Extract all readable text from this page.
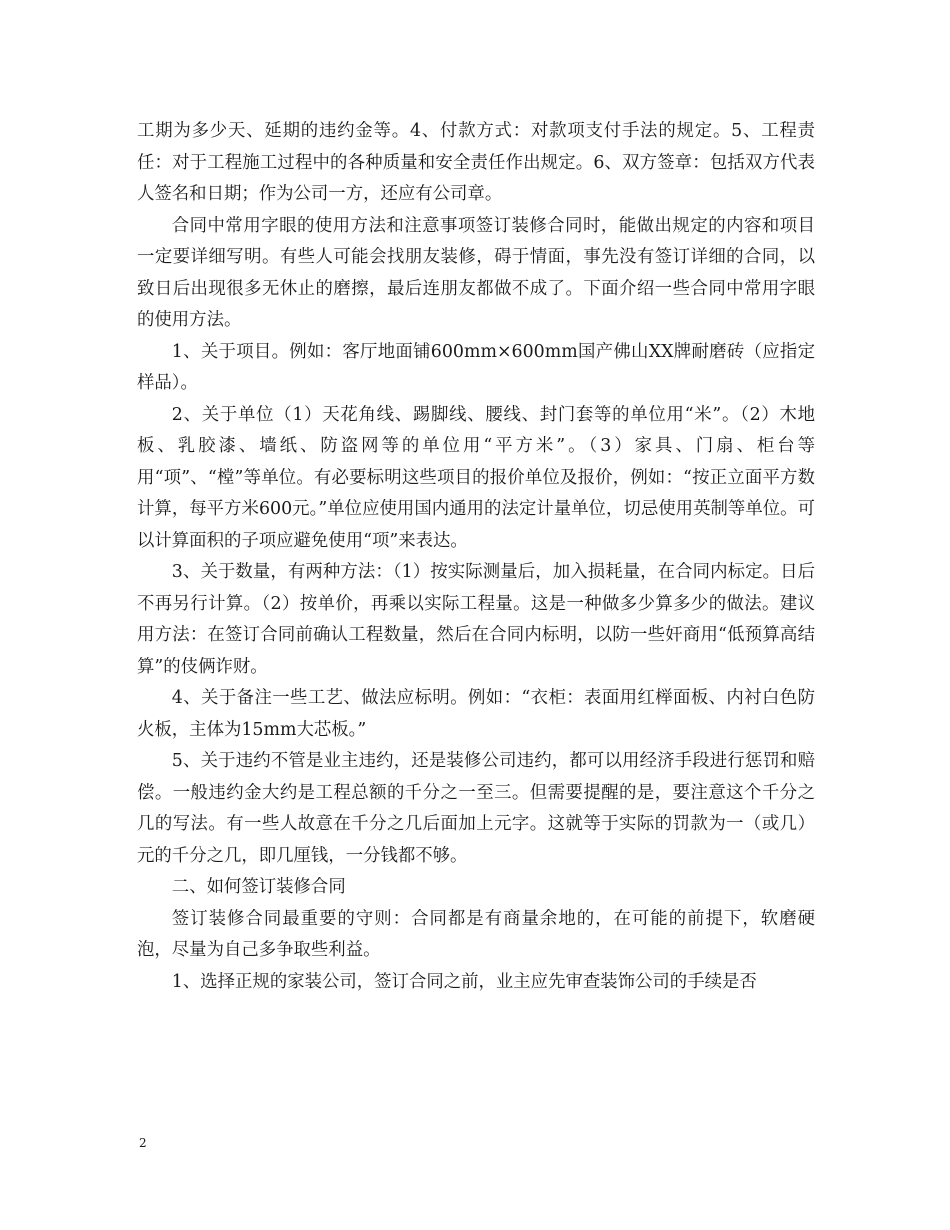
工期为多少天、延期的违约金等。4、付款方式：对款项支付手法的规定。5、工程责任：对于工程施工过程中的各种质量和安全责任作出规定。6、双方签章：包括双方代表人签名和日期；作为公司一方，还应有公司章。

合同中常用字眼的使用方法和注意事项签订装修合同时，能做出规定的内容和项目一定要详细写明。有些人可能会找朋友装修，碍于情面，事先没有签订详细的合同，以致日后出现很多无休止的磨擦，最后连朋友都做不成了。下面介绍一些合同中常用字眼的使用方法。

1、关于项目。例如：客厅地面铺600mm×600mm国产佛山XX牌耐磨砖（应指定样品）。

2、关于单位（1）天花角线、踢脚线、腰线、封门套等的单位用“米”。（2）木地板、乳胶漆、墙纸、防盗网等的单位用“平方米”。（3）家具、门扇、柜台等用“项”、“樘”等单位。有必要标明这些项目的报价单位及报价，例如：“按正立面平方数计算，每平方米600元。”单位应使用国内通用的法定计量单位，切忌使用英制等单位。可以计算面积的子项应避免使用“项”来表达。

3、关于数量，有两种方法：（1）按实际测量后，加入损耗量，在合同内标定。日后不再另行计算。（2）按单价，再乘以实际工程量。这是一种做多少算多少的做法。建议用方法：在签订合同前确认工程数量，然后在合同内标明，以防一些奸商用“低预算高结算”的伎俩诈财。

4、关于备注一些工艺、做法应标明。例如：“衣柜：表面用红榉面板、内衬白色防火板，主体为15mm大芯板。”

5、关于违约不管是业主违约，还是装修公司违约，都可以用经济手段进行惩罚和赔偿。一般违约金大约是工程总额的千分之一至三。但需要提醒的是，要注意这个千分之几的写法。有一些人故意在千分之几后面加上元字。这就等于实际的罚款为一（或几）元的千分之几，即几厘钱，一分钱都不够。

二、如何签订装修合同

签订装修合同最重要的守则：合同都是有商量余地的，在可能的前提下，软磨硬泡，尽量为自己多争取些利益。

1、选择正规的家装公司，签订合同之前，业主应先审查装饰公司的手续是否

2
